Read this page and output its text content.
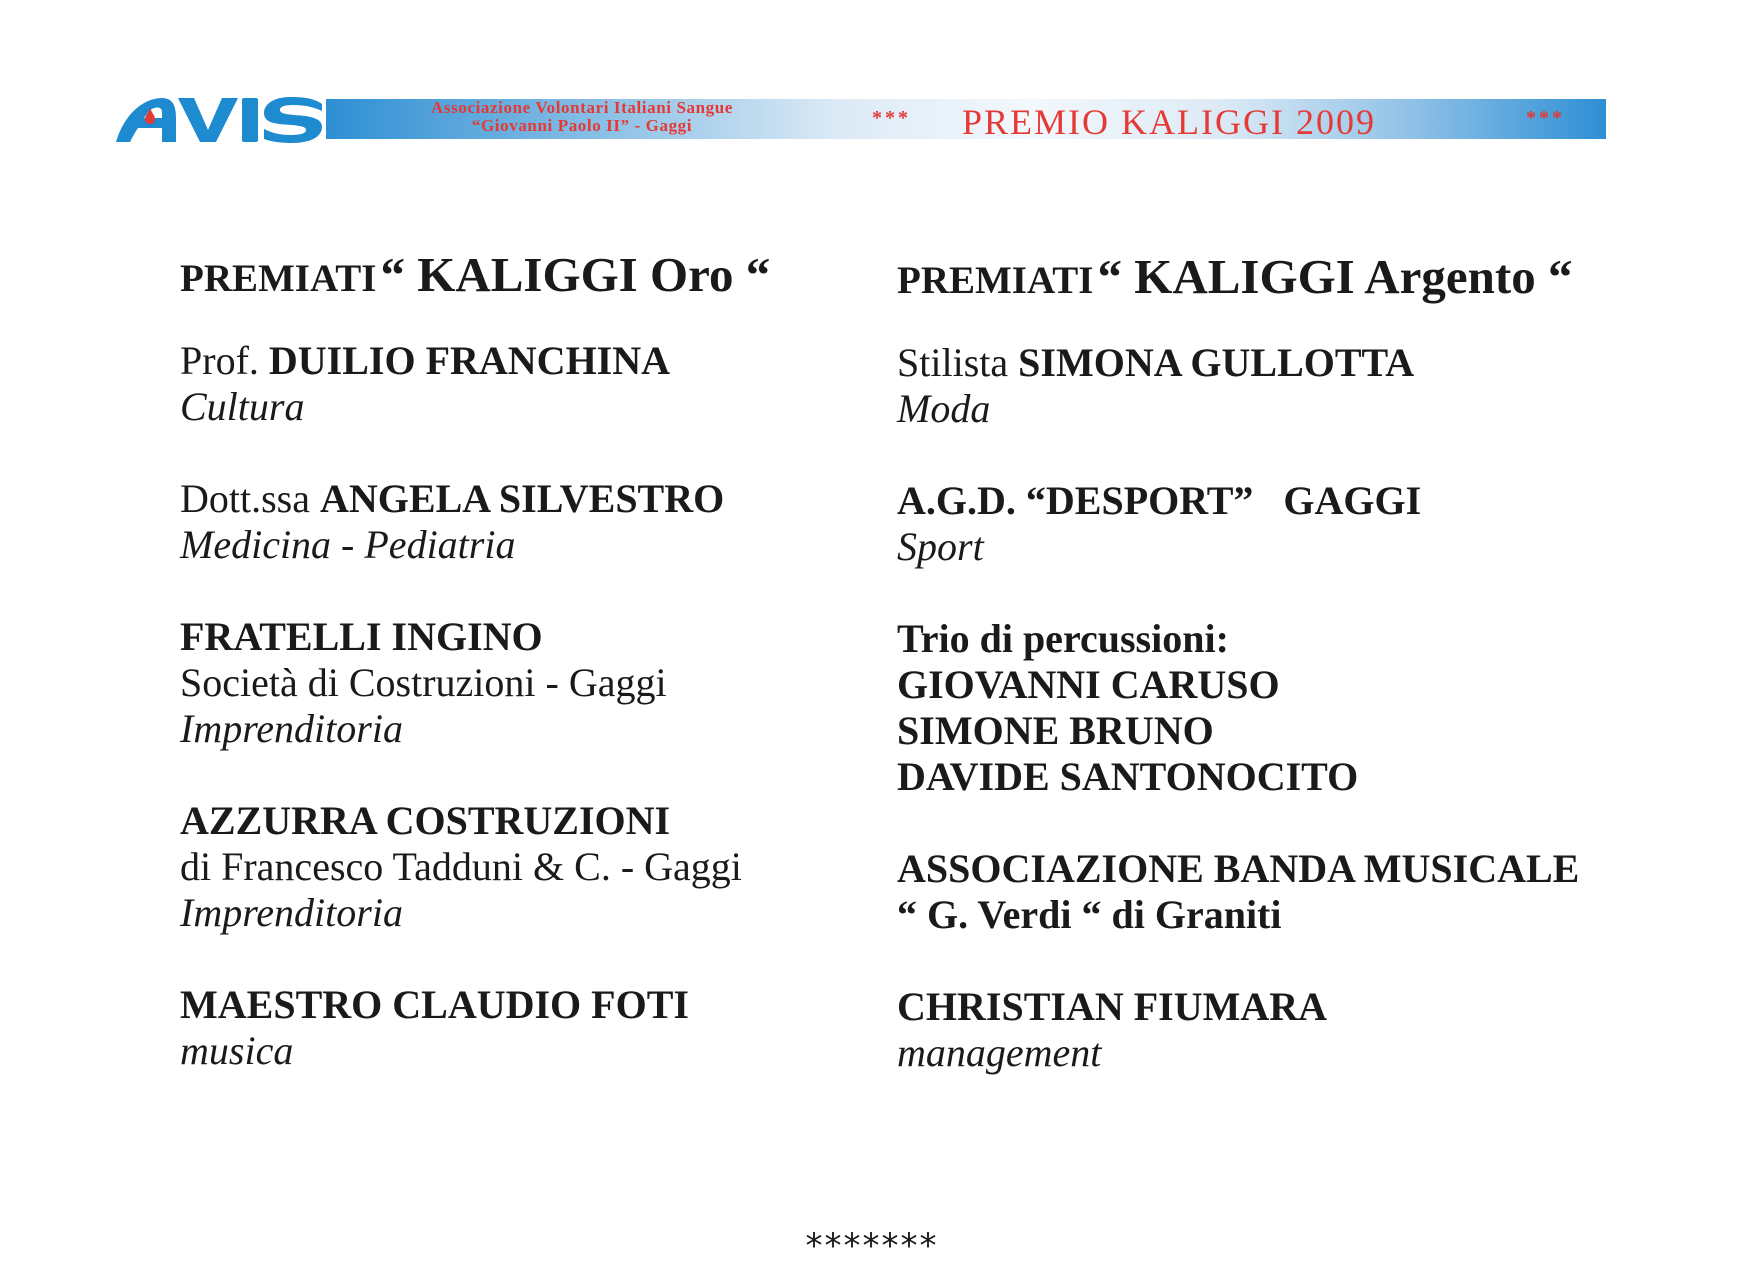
Associazione Volontari Italiani Sangue
“Giovanni Paolo II” - Gaggi	*** PREMIO KALIGGI 2009	***
PREMIATI “ KALIGGI Oro “
Prof. DUILIO FRANCHINA
Cultura
Dott.ssa ANGELA SILVESTRO
Medicina - Pediatria
FRATELLI INGINO
Società di Costruzioni - Gaggi
Imprenditoria
AZZURRA COSTRUZIONI
di Francesco Tadduni & C. - Gaggi
Imprenditoria
MAESTRO CLAUDIO FOTI
musica
PREMIATI “ KALIGGI Argento “
Stilista SIMONA GULLOTTA
Moda
A.G.D. “DESPORT”   GAGGI
Sport
Trio di percussioni:
GIOVANNI CARUSO
SIMONE BRUNO
DAVIDE SANTONOCITO
ASSOCIAZIONE BANDA MUSICALE
“ G. Verdi “ di Graniti
CHRISTIAN FIUMARA
management
*******
